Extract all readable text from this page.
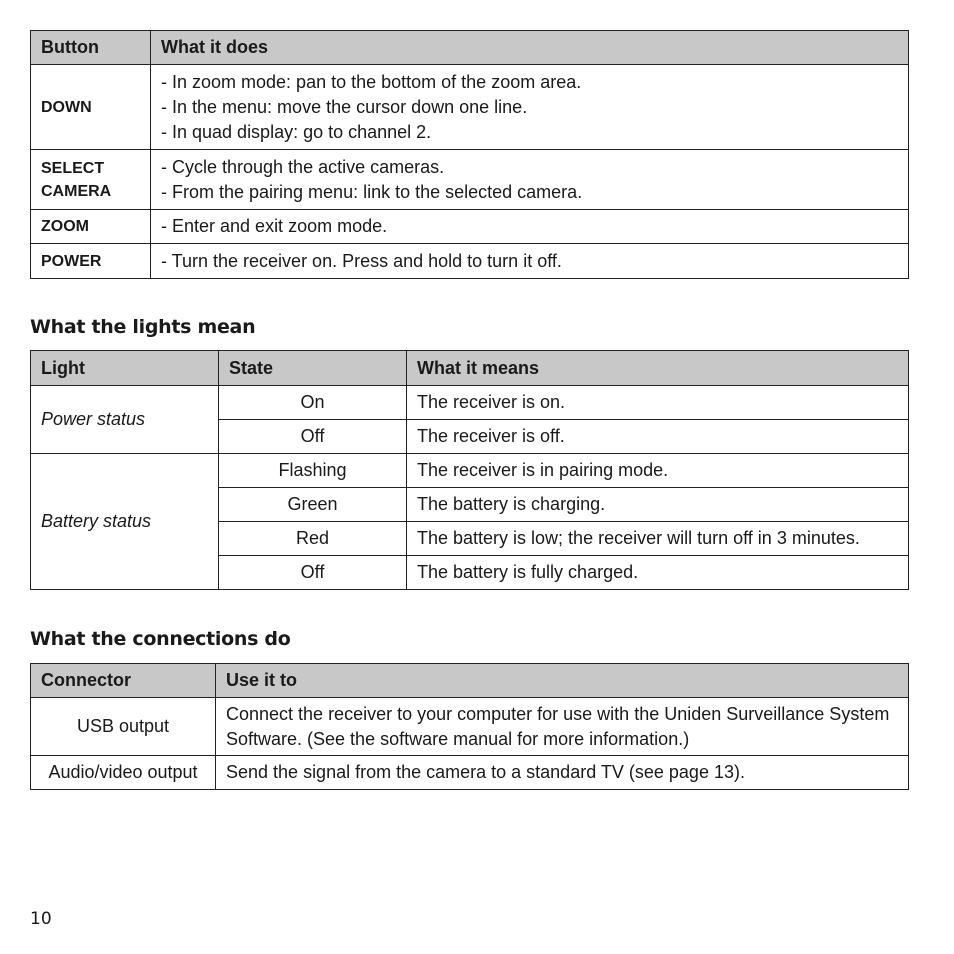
Button	What it does
DOWN	- In zoom mode: pan to the bottom of the zoom area.
- In the menu: move the cursor down one line.
- In quad display: go to channel 2.

SELECT
CAMERA	- Cycle through the active cameras.
- From the pairing menu: link to the selected camera.

ZOOM	- Enter and exit zoom mode.

POWER	- Turn the receiver on. Press and hold to turn it off.
What the lights mean
Light	State	What it means
Power status	On	The receiver is on.
	Off	The receiver is off.
Battery status	Flashing	The receiver is in pairing mode.
	Green	The battery is charging.
	Red	The battery is low; the receiver will turn off in 3 minutes.
	Off	The battery is fully charged.
What the connections do
Connector	Use it to
USB output	Connect the receiver to your computer for use with the Uniden Surveillance System Software. (See the software manual for more information.)
Audio/video output	Send the signal from the camera to a standard TV (see page 13).
10
